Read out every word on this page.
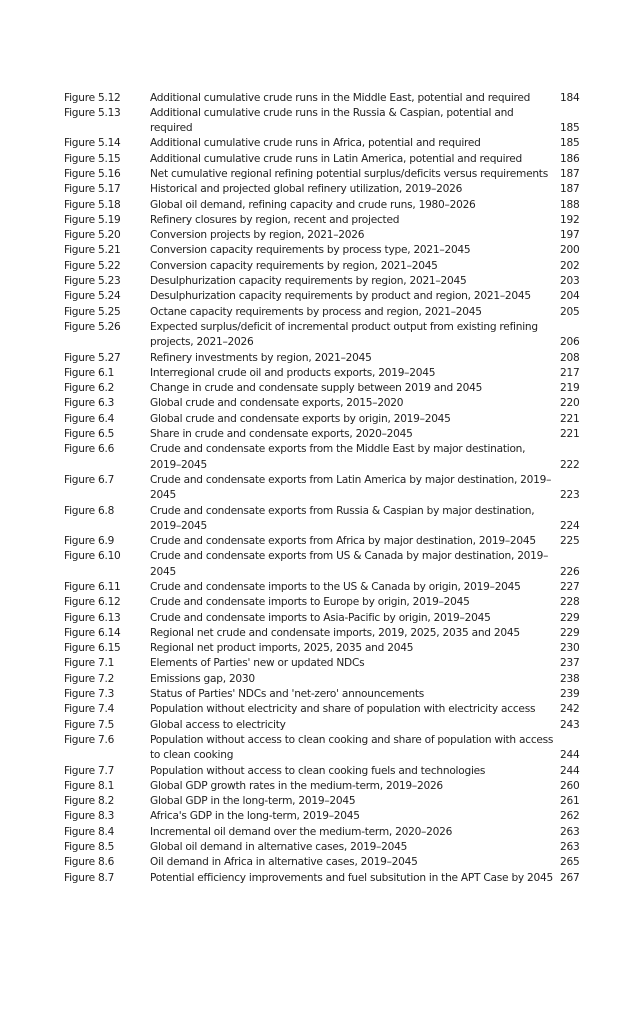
Figure 5.12	Additional cumulative crude runs in the Middle East, potential and required	184
Figure 5.13	Additional cumulative crude runs in the Russia & Caspian, potential and required	185
Figure 5.14	Additional cumulative crude runs in Africa, potential and required	185
Figure 5.15	Additional cumulative crude runs in Latin America, potential and required	186
Figure 5.16	Net cumulative regional refining potential surplus/deficits versus requirements	187
Figure 5.17	Historical and projected global refinery utilization, 2019–2026	187
Figure 5.18	Global oil demand, refining capacity and crude runs, 1980–2026	188
Figure 5.19	Refinery closures by region, recent and projected	192
Figure 5.20	Conversion projects by region, 2021–2026	197
Figure 5.21	Conversion capacity requirements by process type, 2021–2045	200
Figure 5.22	Conversion capacity requirements by region, 2021–2045	202
Figure 5.23	Desulphurization capacity requirements by region, 2021–2045	203
Figure 5.24	Desulphurization capacity requirements by product and region, 2021–2045	204
Figure 5.25	Octane capacity requirements by process and region, 2021–2045	205
Figure 5.26	Expected surplus/deficit of incremental product output from existing refining projects, 2021–2026	206
Figure 5.27	Refinery investments by region, 2021–2045	208
Figure 6.1	Interregional crude oil and products exports, 2019–2045	217
Figure 6.2	Change in crude and condensate supply between 2019 and 2045	219
Figure 6.3	Global crude and condensate exports, 2015–2020	220
Figure 6.4	Global crude and condensate exports by origin, 2019–2045	221
Figure 6.5	Share in crude and condensate exports, 2020–2045	221
Figure 6.6	Crude and condensate exports from the Middle East by major destination, 2019–2045	222
Figure 6.7	Crude and condensate exports from Latin America by major destination, 2019–2045	223
Figure 6.8	Crude and condensate exports from Russia & Caspian by major destination, 2019–2045	224
Figure 6.9	Crude and condensate exports from Africa by major destination, 2019–2045	225
Figure 6.10	Crude and condensate exports from US & Canada by major destination, 2019–2045	226
Figure 6.11	Crude and condensate imports to the US & Canada by origin, 2019–2045	227
Figure 6.12	Crude and condensate imports to Europe by origin, 2019–2045	228
Figure 6.13	Crude and condensate imports to Asia-Pacific by origin, 2019–2045	229
Figure 6.14	Regional net crude and condensate imports, 2019, 2025, 2035 and 2045	229
Figure 6.15	Regional net product imports, 2025, 2035 and 2045	230
Figure 7.1	Elements of Parties' new or updated NDCs	237
Figure 7.2	Emissions gap, 2030	238
Figure 7.3	Status of Parties' NDCs and 'net-zero' announcements	239
Figure 7.4	Population without electricity and share of population with electricity access	242
Figure 7.5	Global access to electricity	243
Figure 7.6	Population without access to clean cooking and share of population with access to clean cooking	244
Figure 7.7	Population without access to clean cooking fuels and technologies	244
Figure 8.1	Global GDP growth rates in the medium-term, 2019–2026	260
Figure 8.2	Global GDP in the long-term, 2019–2045	261
Figure 8.3	Africa's GDP in the long-term, 2019–2045	262
Figure 8.4	Incremental oil demand over the medium-term, 2020–2026	263
Figure 8.5	Global oil demand in alternative cases, 2019–2045	263
Figure 8.6	Oil demand in Africa in alternative cases, 2019–2045	265
Figure 8.7	Potential efficiency improvements and fuel subsitution in the APT Case by 2045 267
